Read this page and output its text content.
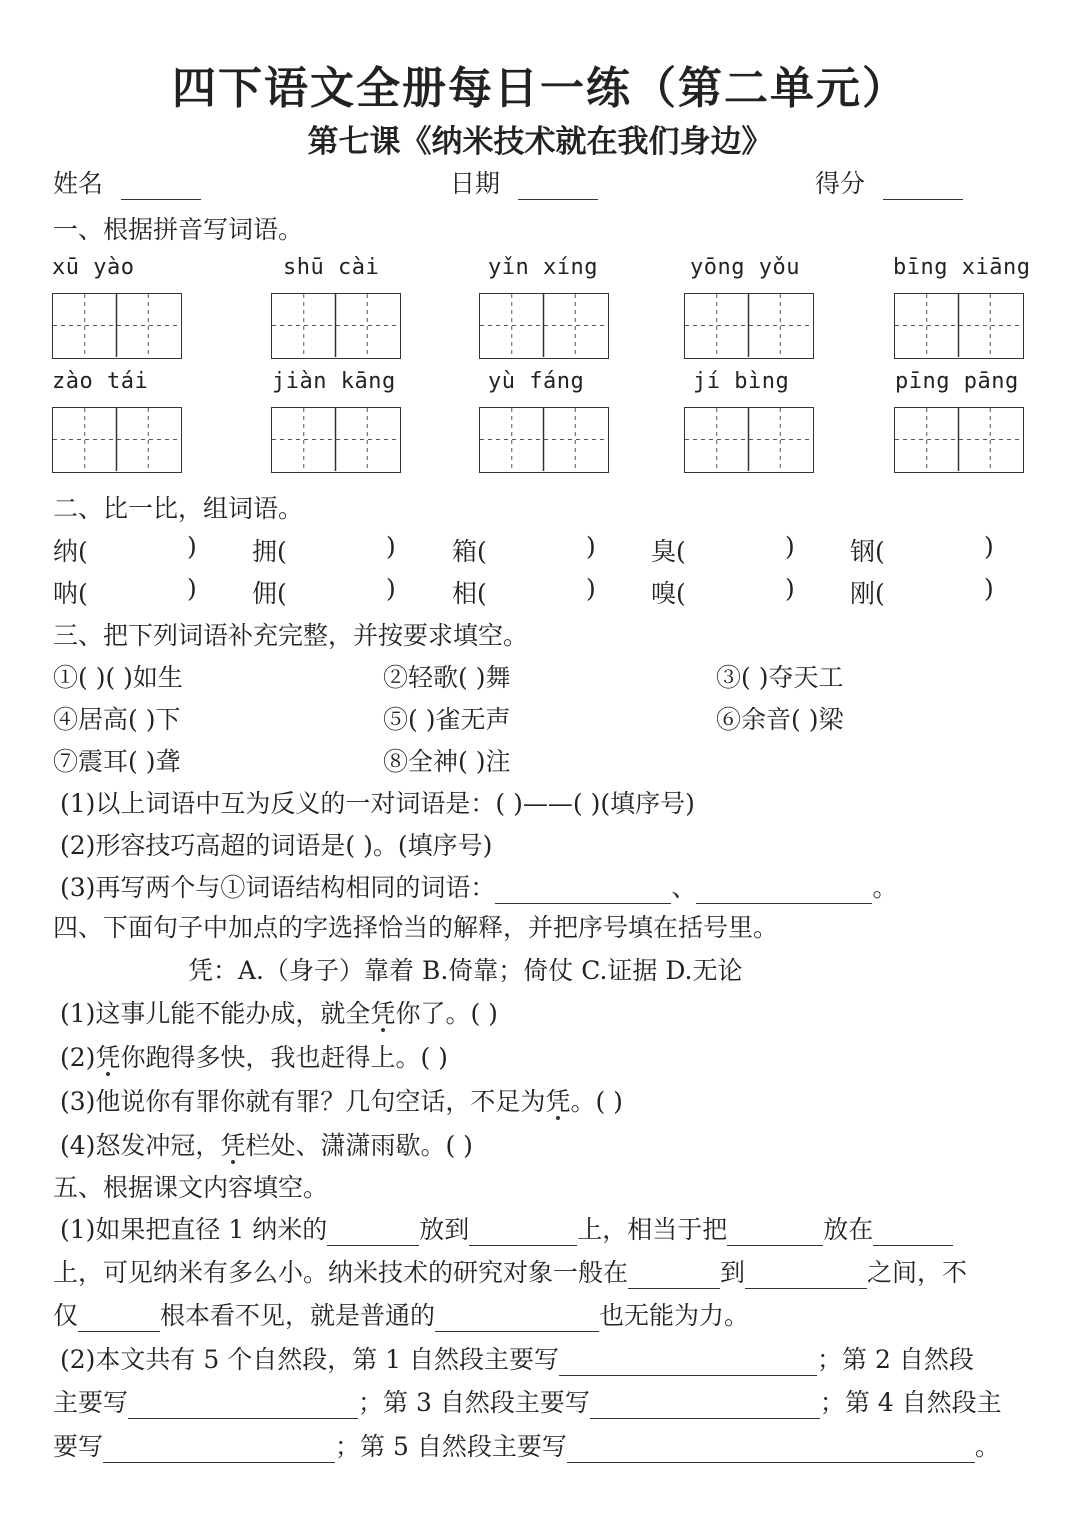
四下语文全册每日一练（第二单元）
第七课《纳米技术就在我们身边》
姓名	日期	得分
一、根据拼音写词语。
xū yào	shū cài	yǐn xíng	yōng yǒu	bīng xiāng
zào tái	jiàn kāng	yù fáng	jí bìng	pīng pāng
二、比一比，组词语。
纳(	) 拥(	) 箱(	) 臭(	) 钢(	)
呐(	) 佣(	) 相(	) 嗅(	) 刚(	)
三、把下列词语补充完整，并按要求填空。
①( )( )如生	②轻歌( )舞	③( )夺天工
④居高( )下	⑤( )雀无声	⑥余音( )梁
⑦震耳( )聋	⑧全神( )注
(1)以上词语中互为反义的一对词语是：( )——( )(填序号)
(2)形容技巧高超的词语是( )。(填序号)
(3)再写两个与①词语结构相同的词语：	、	。
四、下面句子中加点的字选择恰当的解释，并把序号填在括号里。
凭：A.（身子）靠着 B.倚靠；倚仗 C.证据 D.无论
(1)这事儿能不能办成，就全凭你了。( )
(2)凭你跑得多快，我也赶得上。( )
(3)他说你有罪你就有罪？几句空话，不足为凭。( )
(4)怒发冲冠，凭栏处、潇潇雨歇。( )
五、根据课文内容填空。
(1)如果把直径 1 纳米的	放到	上，相当于把	放在
上，可见纳米有多么小。纳米技术的研究对象一般在	到	之间，不
仅	根本看不见，就是普通的	也无能为力。
(2)本文共有 5 个自然段，第 1 自然段主要写	；第 2 自然段
主要写	；第 3 自然段主要写	；第 4 自然段主
要写	；第 5 自然段主要写	。
